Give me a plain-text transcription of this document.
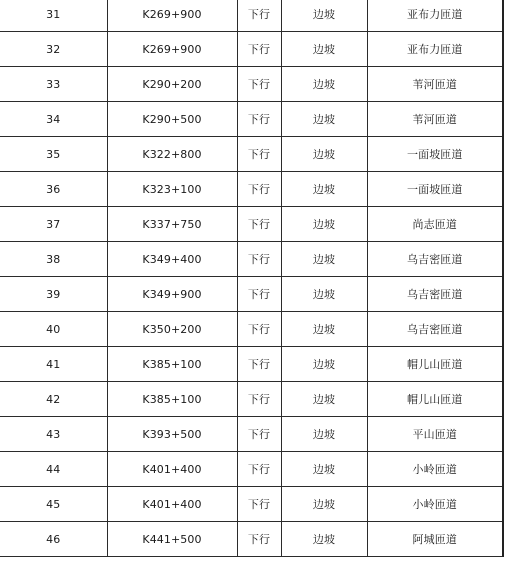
31	K269+900	下行	边坡	亚布力匝道
32	K269+900	下行	边坡	亚布力匝道
33	K290+200	下行	边坡	苇河匝道
34	K290+500	下行	边坡	苇河匝道
35	K322+800	下行	边坡	一面坡匝道
36	K323+100	下行	边坡	一面坡匝道
37	K337+750	下行	边坡	尚志匝道
38	K349+400	下行	边坡	乌吉密匝道
39	K349+900	下行	边坡	乌吉密匝道
40	K350+200	下行	边坡	乌吉密匝道
41	K385+100	下行	边坡	帽儿山匝道
42	K385+100	下行	边坡	帽儿山匝道
43	K393+500	下行	边坡	平山匝道
44	K401+400	下行	边坡	小岭匝道
45	K401+400	下行	边坡	小岭匝道
46	K441+500	下行	边坡	阿城匝道
